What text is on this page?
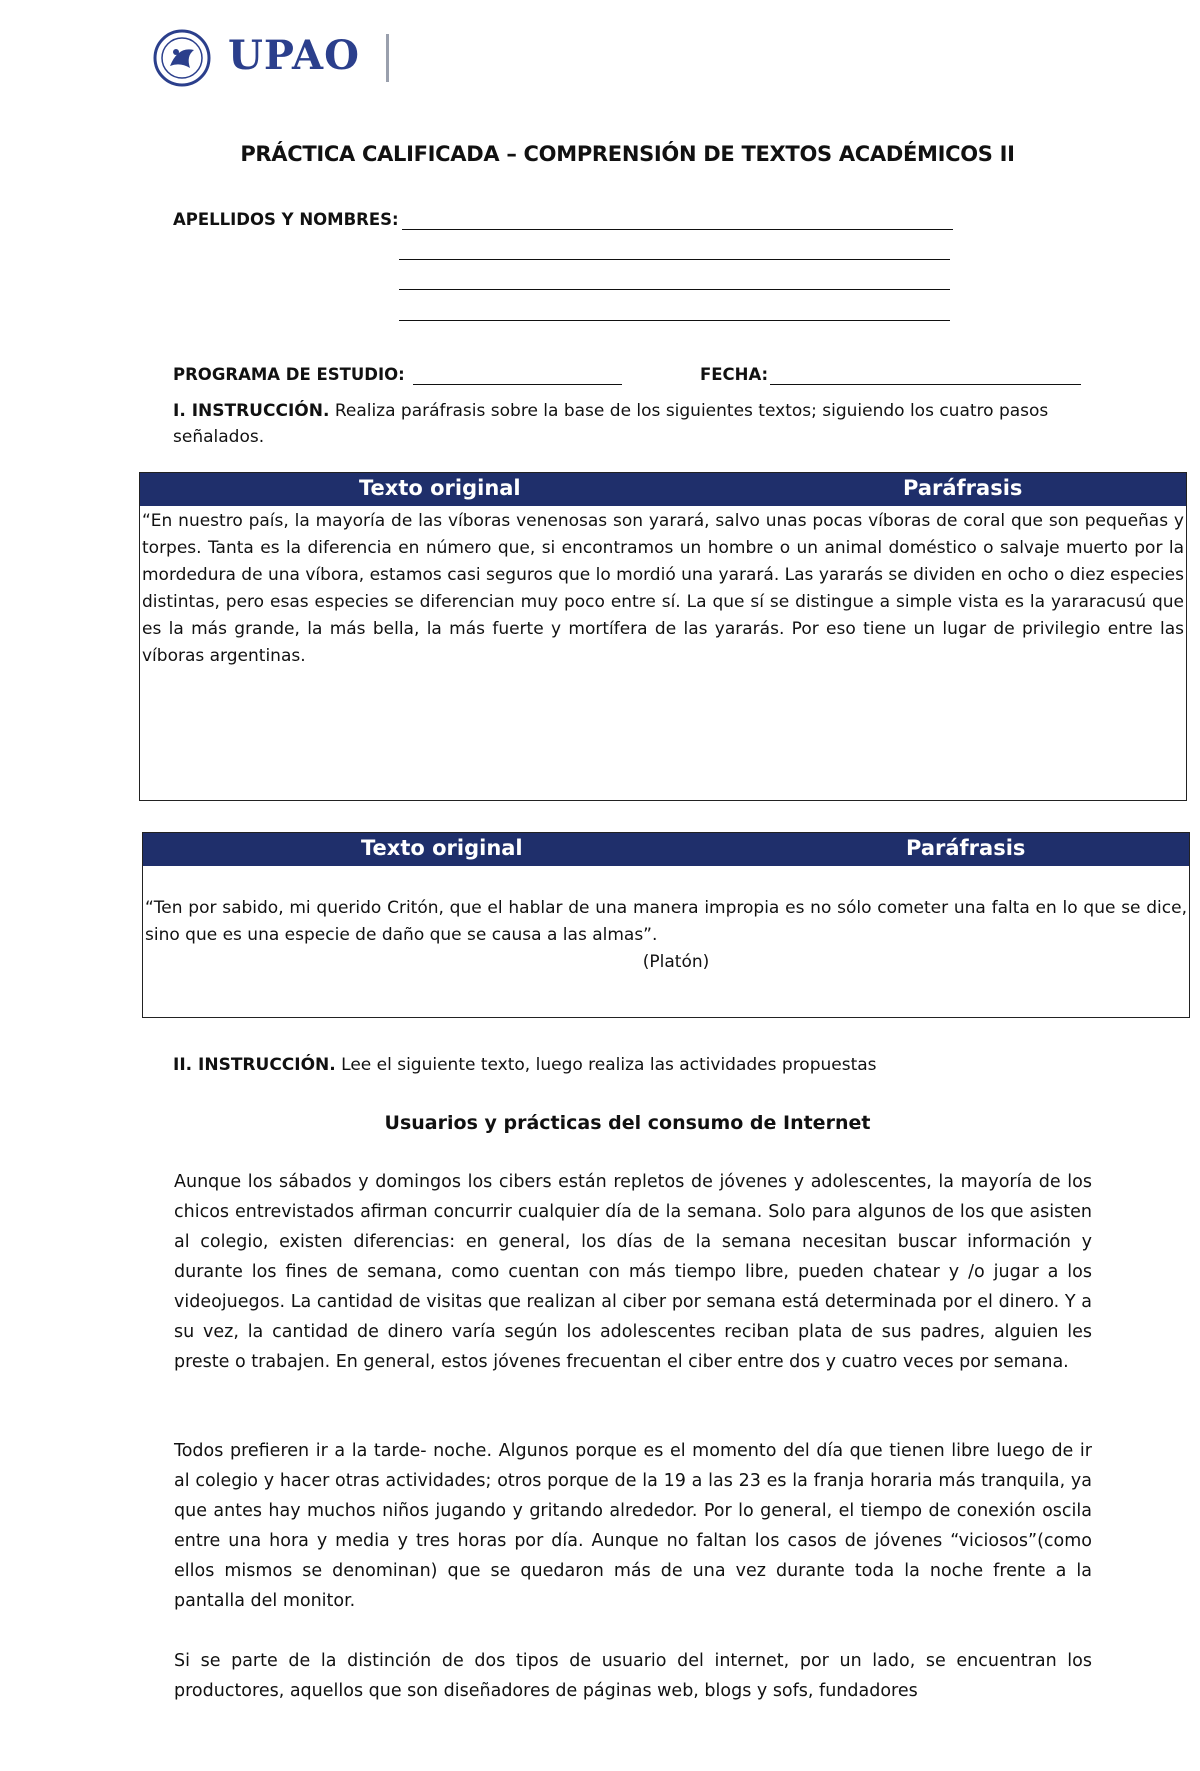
UPAO
PRÁCTICA CALIFICADA – COMPRENSIÓN DE TEXTOS ACADÉMICOS II
APELLIDOS Y NOMBRES:
PROGRAMA DE ESTUDIO:	FECHA:
I. INSTRUCCIÓN. Realiza paráfrasis sobre la base de los siguientes textos; siguiendo los cuatro pasos señalados.
Texto original	Paráfrasis
“En nuestro país, la mayoría de las víboras venenosas son yarará, salvo unas pocas víboras de coral que son pequeñas y torpes. Tanta es la diferencia en número que, si encontramos un hombre o un animal doméstico o salvaje muerto por la mordedura de una víbora, estamos casi seguros que lo mordió una yarará. Las yararás se dividen en ocho o diez especies distintas, pero esas especies se diferencian muy poco entre sí. La que sí se distingue a simple vista es la yararacusú que es la más grande, la más bella, la más fuerte y mortífera de las yararás. Por eso tiene un lugar de privilegio entre las víboras argentinas.
Texto original	Paráfrasis
“Ten por sabido, mi querido Critón, que el hablar de una manera impropia es no sólo cometer una falta en lo que se dice, sino que es una especie de daño que se causa a las almas”.
(Platón)
II. INSTRUCCIÓN. Lee el siguiente texto, luego realiza las actividades propuestas
Usuarios y prácticas del consumo de Internet
Aunque los sábados y domingos los cibers están repletos de jóvenes y adolescentes, la mayoría de los chicos entrevistados afirman concurrir cualquier día de la semana. Solo para algunos de los que asisten al colegio, existen diferencias: en general, los días de la semana necesitan buscar información y durante los fines de semana, como cuentan con más tiempo libre, pueden chatear y /o jugar a los videojuegos. La cantidad de visitas que realizan al ciber por semana está determinada por el dinero. Y a su vez, la cantidad de dinero varía según los adolescentes reciban plata de sus padres, alguien les preste o trabajen. En general, estos jóvenes frecuentan el ciber entre dos y cuatro veces por semana.
Todos prefieren ir a la tarde- noche. Algunos porque es el momento del día que tienen libre luego de ir al colegio y hacer otras actividades; otros porque de la 19 a las 23 es la franja horaria más tranquila, ya que antes hay muchos niños jugando y gritando alrededor. Por lo general, el tiempo de conexión oscila entre una hora y media y tres horas por día. Aunque no faltan los casos de jóvenes “viciosos”(como ellos mismos se denominan) que se quedaron más de una vez durante toda la noche frente a la pantalla del monitor.
Si se parte de la distinción de dos tipos de usuario del internet, por un lado, se encuentran los productores, aquellos que son diseñadores de páginas web, blogs y sofs, fundadores
